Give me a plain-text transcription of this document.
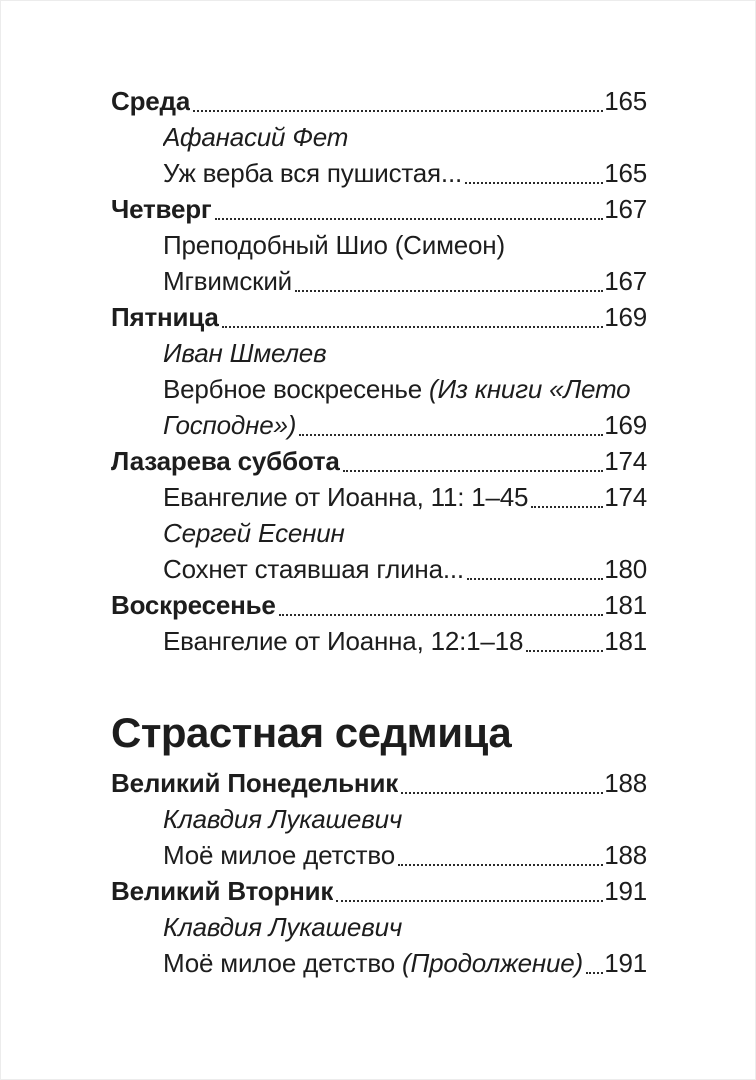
Среда	165
Афанасий Фет
Уж верба вся пушистая...	165
Четверг	167
Преподобный Шио (Симеон)
Мгвимский	167
Пятница	169
Иван Шмелев
Вербное воскресенье (Из книги «Лето
Господне»)	169
Лазарева суббота	174
Евангелие от Иоанна, 11: 1–45	174
Сергей Есенин
Сохнет стаявшая глина...	180
Воскресенье	181
Евангелие от Иоанна, 12:1–18	181
Страстная седмица
Великий Понедельник	188
Клавдия Лукашевич
Моё милое детство	188
Великий Вторник	191
Клавдия Лукашевич
Моё милое детство (Продолжение) 191
